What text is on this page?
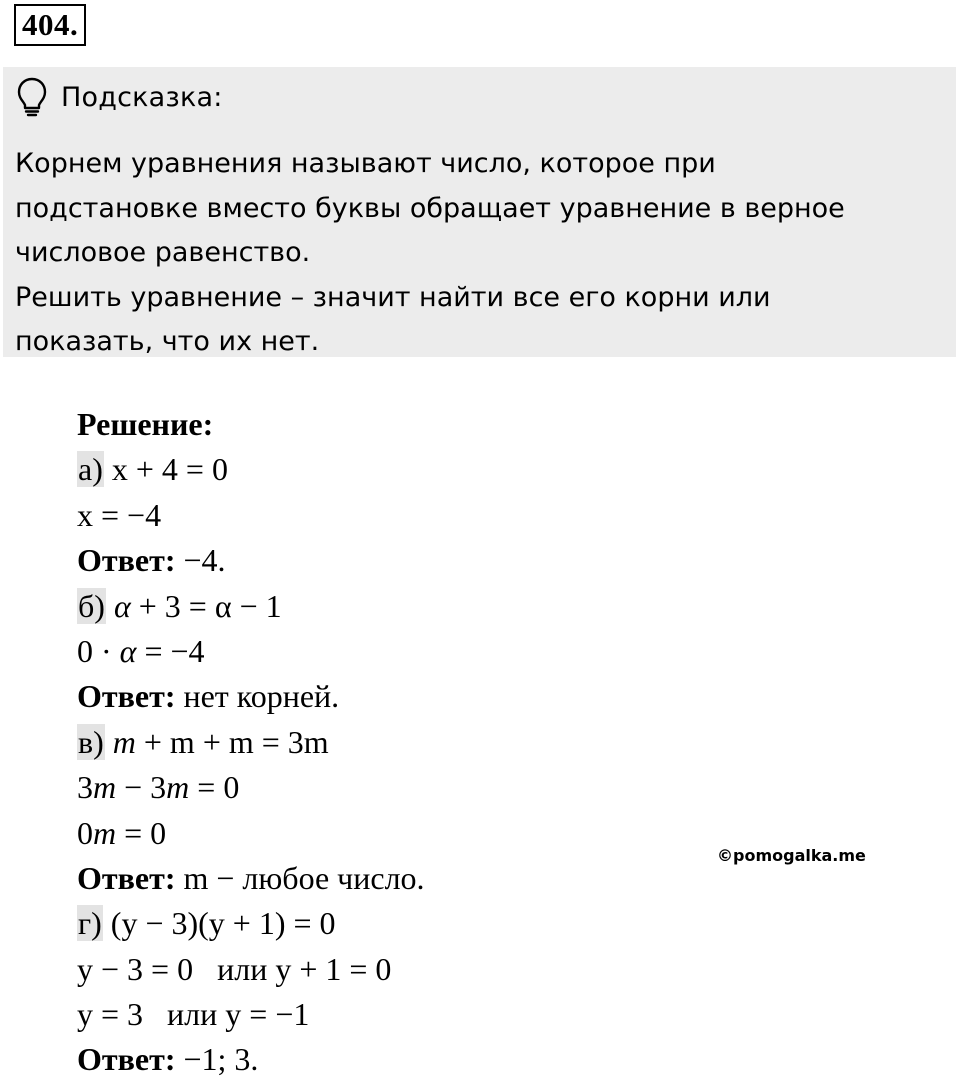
404.
Подсказка:
Корнем уравнения называют число, которое при
подстановке вместо буквы обращает уравнение в верное
числовое равенство.
Решить уравнение – значит найти все его корни или
показать, что их нет.
Решение:
а) x + 4 = 0
x = −4
Ответ: −4.
б) α + 3 = α − 1
0 · α = −4
Ответ: нет корней.
в) m + m + m = 3m
3m − 3m = 0
0m = 0
Ответ: m − любое число.
г) (y − 3)(y + 1) = 0
y − 3 = 0   или y + 1 = 0
y = 3   или y = −1
Ответ: −1; 3.
©pomogalka.me
